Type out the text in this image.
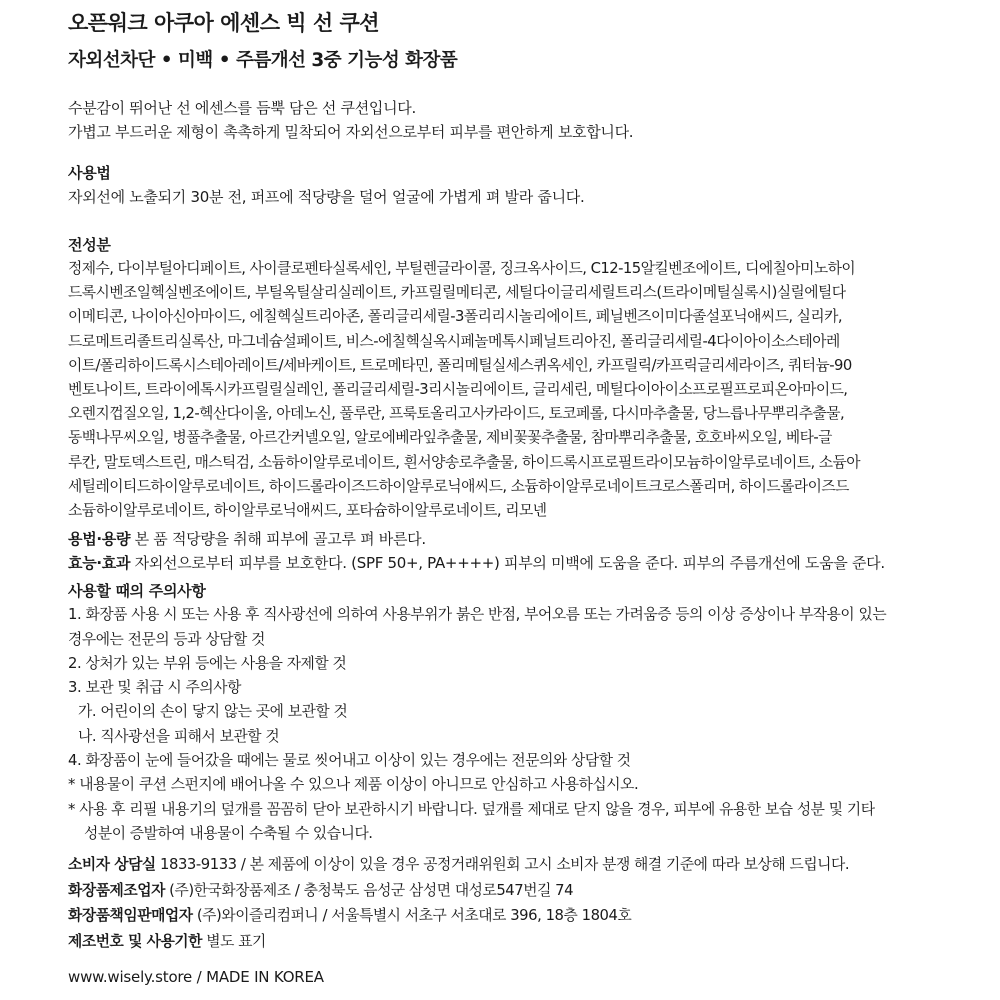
오픈워크 아쿠아 에센스 빅 선 쿠션
자외선차단 • 미백 • 주름개선 3중 기능성 화장품

수분감이 뛰어난 선 에센스를 듬뿍 담은 선 쿠션입니다.

가볍고 부드러운 제형이 촉촉하게 밀착되어 자외선으로부터 피부를 편안하게 보호합니다.

사용법

자외선에 노출되기 30분 전, 퍼프에 적당량을 덜어 얼굴에 가볍게 펴 발라 줍니다.

전성분

정제수, 다이부틸아디페이트, 사이클로펜타실록세인, 부틸렌글라이콜, 징크옥사이드, C12-15알킬벤조에이트, 디에칠아미노하이
드록시벤조일헥실벤조에이트, 부틸옥틸살리실레이트, 카프릴릴메티콘, 세틸다이글리세릴트리스(트라이메틸실록시)실릴에틸다
이메티콘, 나이아신아마이드, 에칠헥실트리아존, 폴리글리세릴-3폴리리시놀리에이트, 페닐벤즈이미다졸설포닉애씨드, 실리카,
드로메트리졸트리실록산, 마그네슘설페이트, 비스-에칠헥실옥시페놀메톡시페닐트리아진, 폴리글리세릴-4다이아이소스테아레
이트/폴리하이드록시스테아레이트/세바케이트, 트로메타민, 폴리메틸실세스퀴옥세인, 카프릴릭/카프릭글리세라이즈, 쿼터늄-90
벤토나이트, 트라이에톡시카프릴릴실레인, 폴리글리세릴-3리시놀리에이트, 글리세린, 메틸다이아이소프로필프로피온아마이드,
오렌지껍질오일, 1,2-헥산다이올, 아데노신, 풀루란, 프룩토올리고사카라이드, 토코페롤, 다시마추출물, 당느릅나무뿌리추출물,
동백나무씨오일, 병풀추출물, 아르간커넬오일, 알로에베라잎추출물, 제비꽃꽃추출물, 참마뿌리추출물, 호호바씨오일, 베타-글
루칸, 말토덱스트린, 매스틱검, 소듐하이알루로네이트, 흰서양송로추출물, 하이드록시프로필트라이모늄하이알루로네이트, 소듐아
세틸레이티드하이알루로네이트, 하이드롤라이즈드하이알루로닉애씨드, 소듐하이알루로네이트크로스폴리머, 하이드롤라이즈드
소듐하이알루로네이트, 하이알루로닉애씨드, 포타슘하이알루로네이트, 리모넨

용법·용량 본 품 적당량을 취해 피부에 골고루 펴 바른다.

효능·효과 자외선으로부터 피부를 보호한다. (SPF 50+, PA++++) 피부의 미백에 도움을 준다. 피부의 주름개선에 도움을 준다.

사용할 때의 주의사항

1. 화장품 사용 시 또는 사용 후 직사광선에 의하여 사용부위가 붉은 반점, 부어오름 또는 가려움증 등의 이상 증상이나 부작용이 있는
경우에는 전문의 등과 상담할 것
2. 상처가 있는 부위 등에는 사용을 자제할 것
3. 보관 및 취급 시 주의사항
가. 어린이의 손이 닿지 않는 곳에 보관할 것
나. 직사광선을 피해서 보관할 것
4. 화장품이 눈에 들어갔을 때에는 물로 씻어내고 이상이 있는 경우에는 전문의와 상담할 것
* 내용물이 쿠션 스펀지에 배어나올 수 있으나 제품 이상이 아니므로 안심하고 사용하십시오.
* 사용 후 리필 내용기의 덮개를 꼼꼼히 닫아 보관하시기 바랍니다. 덮개를 제대로 닫지 않을 경우, 피부에 유용한 보습 성분 및 기타
성분이 증발하여 내용물이 수축될 수 있습니다.
소비자 상담실 1833-9133 / 본 제품에 이상이 있을 경우 공정거래위원회 고시 소비자 분쟁 해결 기준에 따라 보상해 드립니다.
화장품제조업자 (주)한국화장품제조 / 충청북도 음성군 삼성면 대성로547번길 74
화장품책임판매업자 (주)와이즐리컴퍼니 / 서울특별시 서초구 서초대로 396, 18층 1804호
제조번호 및 사용기한 별도 표기
www.wisely.store / MADE IN KOREA
